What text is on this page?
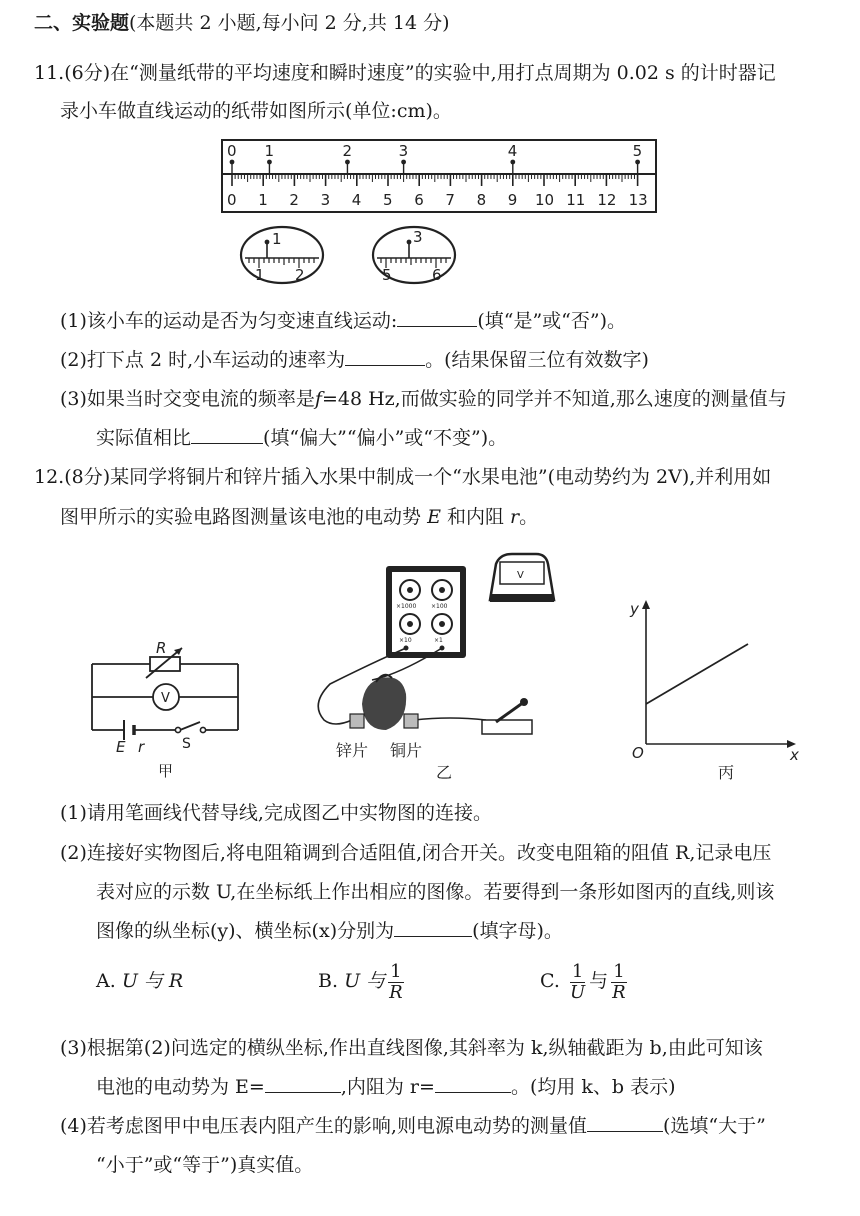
二、实验题(本题共 2 小题,每小问 2 分,共 14 分)
11.(6分)在“测量纸带的平均速度和瞬时速度”的实验中,用打点周期为 0.02 s 的计时器记
录小车做直线运动的纸带如图所示(单位:cm)。
0 1	2	3	4	5
0 1 2 3 4 5 6 7 8 9 10 11 12 13
1
1 2
3
5	6
(1)该小车的运动是否为匀变速直线运动:	(填“是”或“否”)。
(2)打下点 2 时,小车运动的速率为	。(结果保留三位有效数字)
(3)如果当时交变电流的频率是f=48 Hz,而做实验的同学并不知道,那么速度的测量值与
实际值相比	(填“偏大”“偏小”或“不变”)。
12.(8分)某同学将铜片和锌片插入水果中制成一个“水果电池”(电动势约为 2V),并利用如
图甲所示的实验电路图测量该电池的电动势 E 和内阻 r。
R
V
E r	S
甲
×1000 ×100
×10	×1
V
锌片 铜片
乙
y
x
O
丙
(1)请用笔画线代替导线,完成图乙中实物图的连接。
(2)连接好实物图后,将电阻箱调到合适阻值,闭合开关。改变电阻箱的阻值 R,记录电压
表对应的示数 U,在坐标纸上作出相应的图像。若要得到一条形如图丙的直线,则该
图像的纵坐标(y)、横坐标(x)分别为	(填字母)。
A. U 与 R	B. U 与 $\frac{1}{R}$	C. $\frac{1}{U}$ 与 $\frac{1}{R}$
(3)根据第(2)问选定的横纵坐标,作出直线图像,其斜率为 k,纵轴截距为 b,由此可知该
电池的电动势为 E=	,内阻为 r=	。(均用 k、b 表示)
(4)若考虑图甲中电压表内阻产生的影响,则电源电动势的测量值	(选填“大于”
“小于”或“等于”)真实值。
